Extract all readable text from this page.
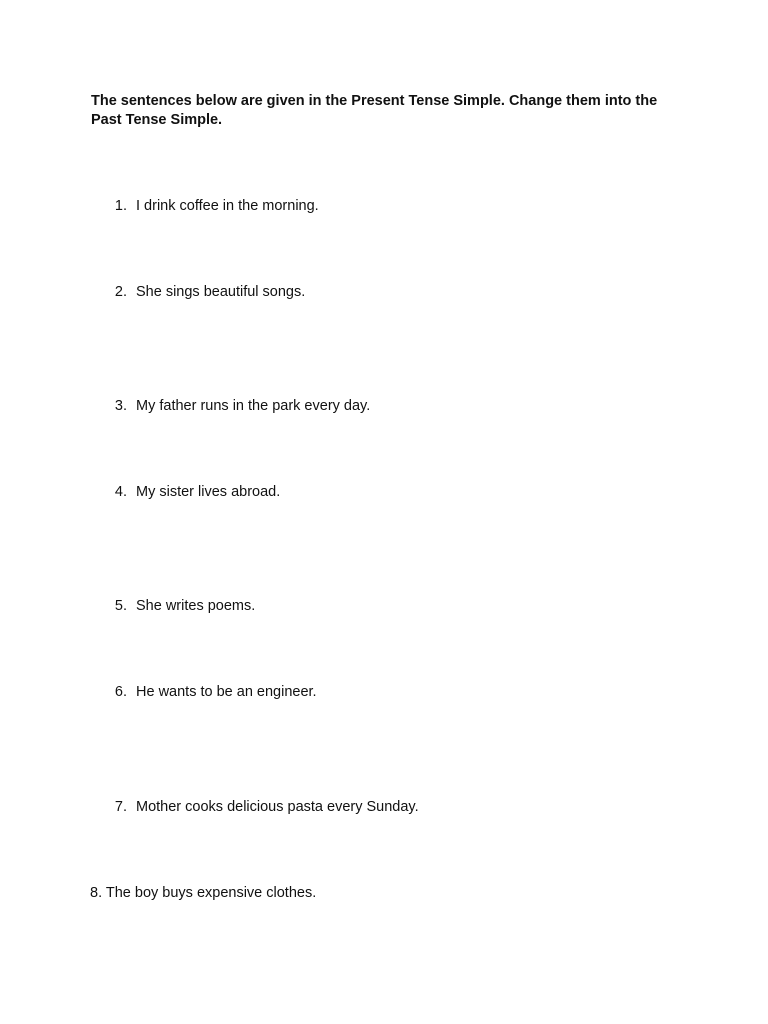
The sentences below are given in the Present Tense Simple. Change them into the Past Tense Simple.

1. I drink coffee in the morning.
2. She sings beautiful songs.
3. My father runs in the park every day.
4. My sister lives abroad.
5. She writes poems.
6. He wants to be an engineer.
7. Mother cooks delicious pasta every Sunday.
8. The boy buys expensive clothes.
